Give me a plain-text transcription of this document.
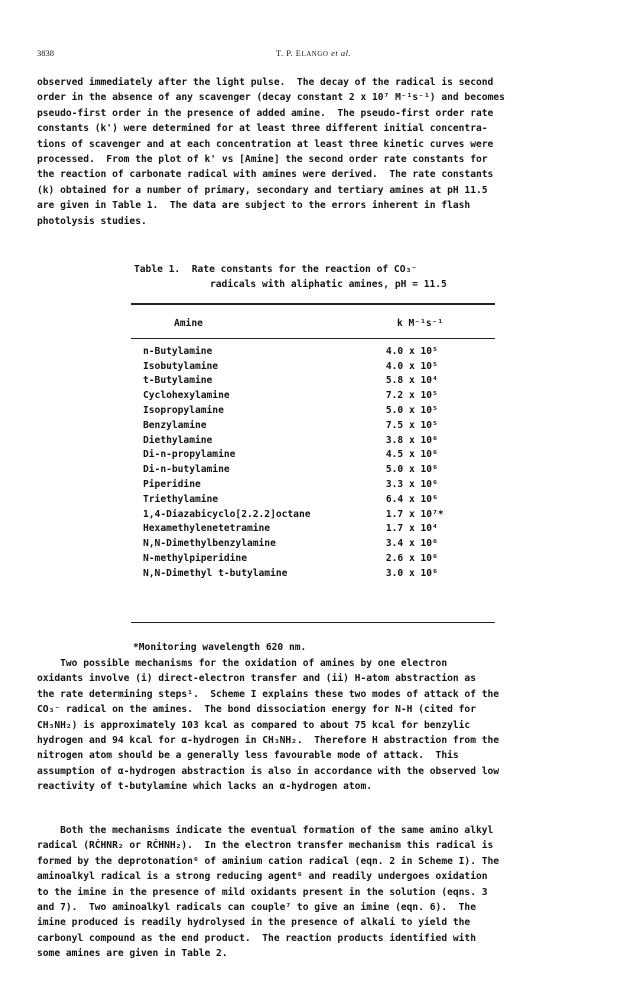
3838	T. P. ELANGO et al.
observed immediately after the light pulse.  The decay of the radical is second
order in the absence of any scavenger (decay constant 2 x 10⁷ M⁻¹s⁻¹) and becomes
pseudo-first order in the presence of added amine.  The pseudo-first order rate
constants (k') were determined for at least three different initial concentra-
tions of scavenger and at each concentration at least three kinetic curves were
processed.  From the plot of k' vs [Amine] the second order rate constants for
the reaction of carbonate radical with amines were derived.  The rate constants
(k) obtained for a number of primary, secondary and tertiary amines at pH 11.5
are given in Table 1.  The data are subject to the errors inherent in flash
photolysis studies.
Table 1.  Rate constants for the reaction of CO₃⁻
radicals with aliphatic amines, pH = 11.5
Amine	k M⁻¹s⁻¹
n-Butylamine	4.0 x 10⁵
Isobutylamine	4.0 x 10⁵
t-Butylamine	5.8 x 10⁴
Cyclohexylamine	7.2 x 10⁵
Isopropylamine	5.0 x 10⁵
Benzylamine	7.5 x 10⁵
Diethylamine	3.8 x 10⁶
Di-n-propylamine	4.5 x 10⁶
Di-n-butylamine	5.0 x 10⁶
Piperidine	3.3 x 10⁶
Triethylamine	6.4 x 10⁶
1,4-Diazabicyclo[2.2.2]octane	1.7 x 10⁷*
Hexamethylenetetramine	1.7 x 10⁴
N,N-Dimethylbenzylamine	3.4 x 10⁶
N-methylpiperidine	2.6 x 10⁶
N,N-Dimethyl t-butylamine	3.0 x 10⁶
*Monitoring wavelength 620 nm.
Two possible mechanisms for the oxidation of amines by one electron
oxidants involve (i) direct-electron transfer and (ii) H-atom abstraction as
the rate determining steps¹.  Scheme I explains these two modes of attack of the
CO₃⁻ radical on the amines.  The bond dissociation energy for N-H (cited for
CH₃NH₂) is approximately 103 kcal as compared to about 75 kcal for benzylic
hydrogen and 94 kcal for α-hydrogen in CH₃NH₂.  Therefore H abstraction from the
nitrogen atom should be a generally less favourable mode of attack.  This
assumption of α-hydrogen abstraction is also in accordance with the observed low
reactivity of t-butylamine which lacks an α-hydrogen atom.
Both the mechanisms indicate the eventual formation of the same amino alkyl
radical (RĊHNR₂ or RĊHNH₂).  In the electron transfer mechanism this radical is
formed by the deprotonation⁶ of aminium cation radical (eqn. 2 in Scheme I). The
aminoalkyl radical is a strong reducing agent⁶ and readily undergoes oxidation
to the imine in the presence of mild oxidants present in the solution (eqns. 3
and 7).  Two aminoalkyl radicals can couple⁷ to give an imine (eqn. 6).  The
imine produced is readily hydrolysed in the presence of alkali to yield the
carbonyl compound as the end product.  The reaction products identified with
some amines are given in Table 2.
